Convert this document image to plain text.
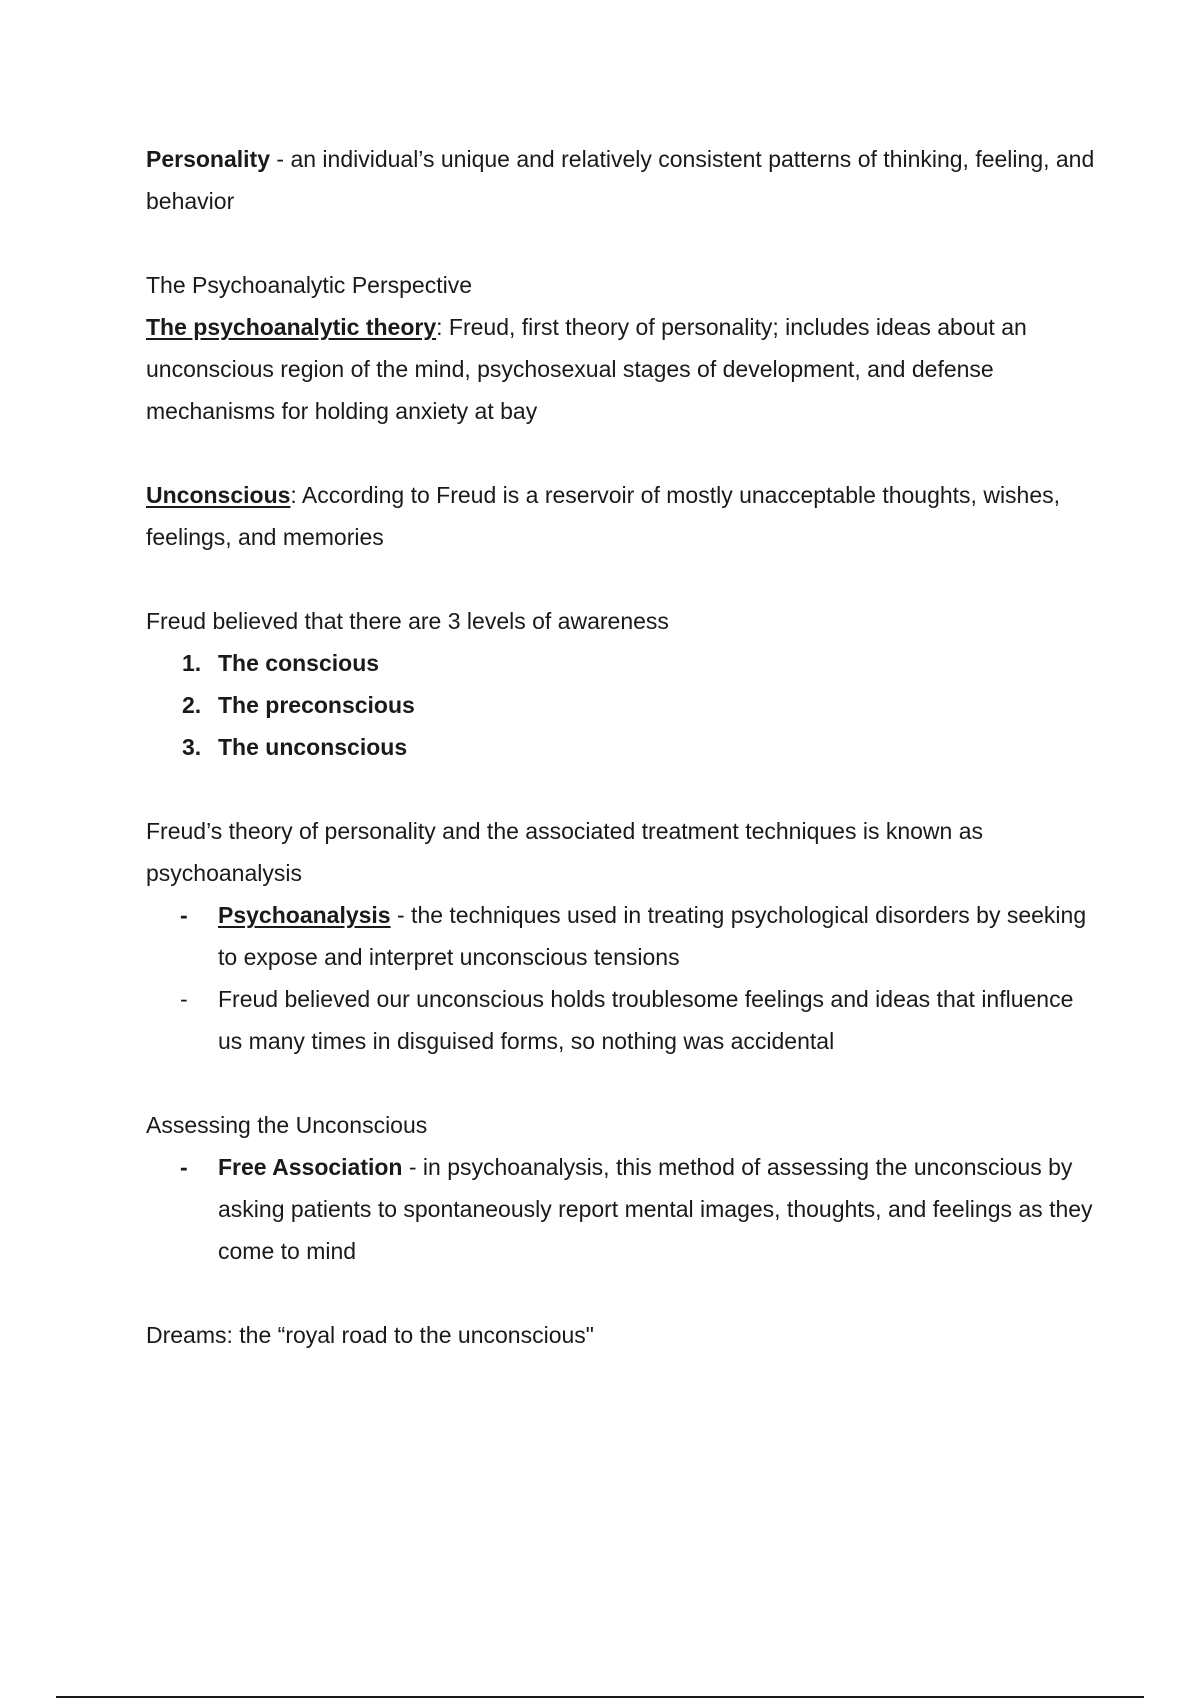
Personality - an individual’s unique and relatively consistent patterns of thinking, feeling, and behavior

The Psychoanalytic Perspective

The psychoanalytic theory: Freud, first theory of personality; includes ideas about an unconscious region of the mind, psychosexual stages of development, and defense mechanisms for holding anxiety at bay

Unconscious: According to Freud is a reservoir of mostly unacceptable thoughts, wishes, feelings, and memories

Freud believed that there are 3 levels of awareness

1. The conscious
2. The preconscious
3. The unconscious

Freud’s theory of personality and the associated treatment techniques is known as psychoanalysis

- Psychoanalysis - the techniques used in treating psychological disorders by seeking to expose and interpret unconscious tensions
- Freud believed our unconscious holds troublesome feelings and ideas that influence us many times in disguised forms, so nothing was accidental

Assessing the Unconscious

- Free Association - in psychoanalysis, this method of assessing the unconscious by asking patients to spontaneously report mental images, thoughts, and feelings as they come to mind

Dreams: the “royal road to the unconscious"
